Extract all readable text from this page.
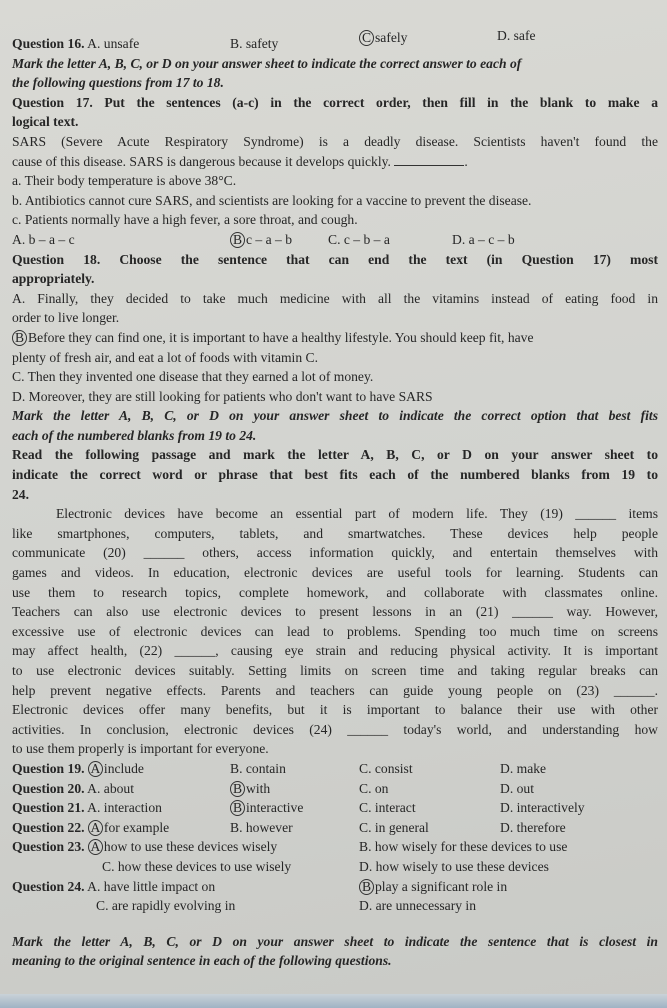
Question 16. A. unsafe	B. safety	C safely	D. safe
Mark the letter A, B, C, or D on your answer sheet to indicate the correct answer to each of
the following questions from 17 to 18.
Question 17. Put the sentences (a-c) in the correct order, then fill in the blank to make a
logical text.
SARS (Severe Acute Respiratory Syndrome) is a deadly disease. Scientists haven't found the
cause of this disease. SARS is dangerous because it develops quickly.	.
a. Their body temperature is above 38°C.
b. Antibiotics cannot cure SARS, and scientists are looking for a vaccine to prevent the disease.
c. Patients normally have a high fever, a sore throat, and cough.
A. b – a – c	B c – a – b	C. c – b – a	D. a – c – b
Question 18. Choose the sentence that can end the text (in Question 17) most
appropriately.
A. Finally, they decided to take much medicine with all the vitamins instead of eating food in
order to live longer.
B Before they can find one, it is important to have a healthy lifestyle. You should keep fit, have
plenty of fresh air, and eat a lot of foods with vitamin C.
C. Then they invented one disease that they earned a lot of money.
D. Moreover, they are still looking for patients who don't want to have SARS
Mark the letter A, B, C, or D on your answer sheet to indicate the correct option that best fits
each of the numbered blanks from 19 to 24.
Read the following passage and mark the letter A, B, C, or D on your answer sheet to
indicate the correct word or phrase that best fits each of the numbered blanks from 19 to
24.
Electronic devices have become an essential part of modern life. They (19) ______ items
like smartphones, computers, tablets, and smartwatches. These devices help people
communicate (20) ______ others, access information quickly, and entertain themselves with
games and videos. In education, electronic devices are useful tools for learning. Students can
use them to research topics, complete homework, and collaborate with classmates online.
Teachers can also use electronic devices to present lessons in an (21) ______ way. However,
excessive use of electronic devices can lead to problems. Spending too much time on screens
may affect health, (22) ______, causing eye strain and reducing physical activity. It is important
to use electronic devices suitably. Setting limits on screen time and taking regular breaks can
help prevent negative effects. Parents and teachers can guide young people on (23) ______.
Electronic devices offer many benefits, but it is important to balance their use with other
activities. In conclusion, electronic devices (24) ______ today's world, and understanding how
to use them properly is important for everyone.
Question 19. A include	B. contain	C. consist	D. make
Question 20. A. about	B with	C. on	D. out
Question 21. A. interaction	B interactive	C. interact	D. interactively
Question 22. A for example	B. however	C. in general	D. therefore
Question 23. A how to use these devices wisely	B. how wisely for these devices to use
C. how these devices to use wisely	D. how wisely to use these devices
Question 24. A. have little impact on	B play a significant role in
C. are rapidly evolving in	D. are unnecessary in
Mark the letter A, B, C, or D on your answer sheet to indicate the sentence that is closest in
meaning to the original sentence in each of the following questions.
